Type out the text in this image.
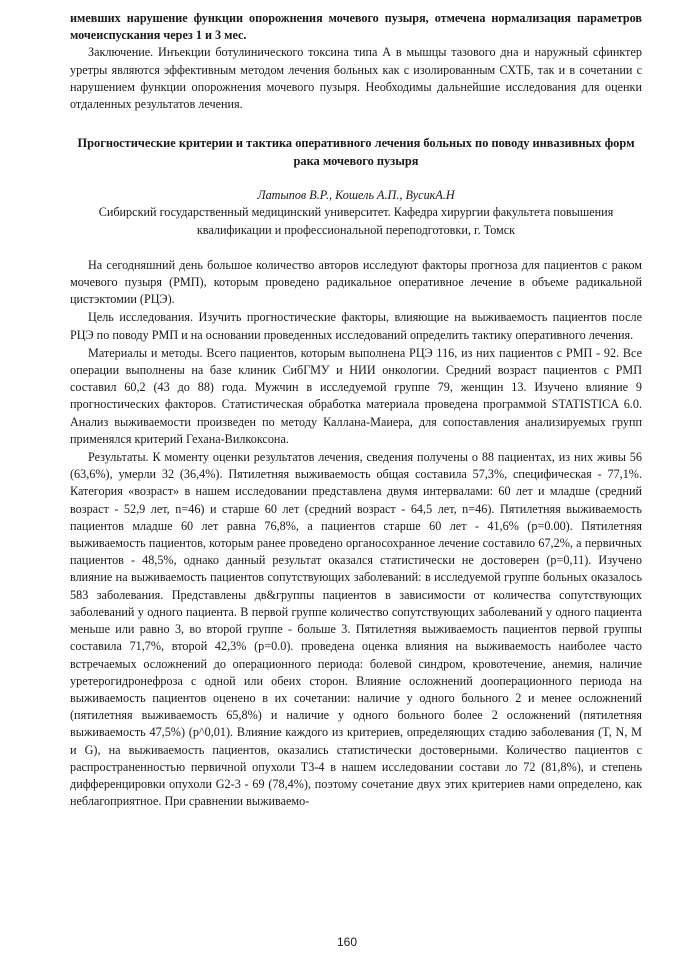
имевших нарушение функции опорожнения мочевого пузыря, отмечена нормализация параметров мочеиспускания через 1 и 3 мес.

Заключение. Инъекции ботулинического токсина типа А в мышцы тазового дна и наружный сфинктер уретры являются эффективным методом лечения больных как с изолированным СХТБ, так и в сочетании с нарушением функции опорожнения мочевого пузыря. Необходимы дальнейшие исследования для оценки отдаленных результатов лечения.

Прогностические критерии и тактика оперативного лечения больных по поводу инвазивных форм рака мочевого пузыря

Латыпов В.Р., Кошель А.П., ВусикА.Н

Сибирский государственный медицинский университет. Кафедра хирургии факультета повышения квалификации и профессиональной переподготовки, г. Томск

На сегодняшний день большое количество авторов исследуют факторы прогноза для пациентов с раком мочевого пузыря (РМП), которым проведено радикальное оперативное лечение в объеме радикальной цистэктомии (РЦЭ).

Цель исследования. Изучить прогностические факторы, влияющие на выживаемость пациентов после РЦЭ по поводу РМП и на основании проведенных исследований определить тактику оперативного лечения.

Материалы и методы. Всего пациентов, которым выполнена РЦЭ 116, из них пациентов с РМП - 92. Все операции выполнены на базе клиник СибГМУ и НИИ онкологии. Средний возраст пациентов с РМП составил 60,2 (43 до 88) года. Мужчин в исследуемой группе 79, женщин 13. Изучено влияние 9 прогностических факторов. Статистическая обработка материала проведена программой STATISTICA 6.0. Анализ выживаемости произведен по методу Каллана-Маиера, для сопоставления анализируемых групп применялся критерий Гехана-Вилкоксона.

Результаты. К моменту оценки результатов лечения, сведения получены о 88 пациентах, из них живы 56 (63,6%), умерли 32 (36,4%). Пятилетняя выживаемость общая составила 57,3%, специфическая - 77,1%. Категория «возраст» в нашем исследовании представлена двумя интервалами: 60 лет и младше (средний возраст - 52,9 лет, n=46) и старше 60 лет (средний возраст - 64,5 лет, n=46). Пятилетняя выживаемость пациентов младше 60 лет равна 76,8%, а пациентов старше 60 лет - 41,6% (p=0.00). Пятилетняя выживаемость пациентов, которым ранее проведено органосохранное лечение составило 67,2%, а первичных пациентов - 48,5%, однако данный результат оказался статистически не достоверен (p=0,11). Изучено влияние на выживаемость пациентов сопутствующих заболеваний: в исследуемой группе больных оказалось 583 заболевания. Представлены дв&группы пациентов в зависимости от количества сопутствующих заболеваний у одного пациента. В первой группе количество сопутствующих заболеваний у одного пациента меньше или равно 3, во второй группе - больше 3. Пятилетняя выживаемость пациентов первой группы составила 71,7%, второй 42,3% (p=0.0). проведена оценка влияния на выживаемость наиболее часто встречаемых осложнений до операционного периода: болевой синдром, кровотечение, анемия, наличие уретерогидронефроза с одной или обеих сторон. Влияние осложнений дооперационного периода на выживаемость пациентов оценено в их сочетании: наличие у одного больного 2 и менее осложнений (пятилетняя выживаемость 65,8%) и наличие у одного больного более 2 осложнений (пятилетняя выживаемость 47,5%) (p^0,01). Влияние каждого из критериев, определяющих стадию заболевания (T, N, M и G), на выживаемость пациентов, оказались статистически достоверными. Количество пациентов с распространенностью первичной опухоли Т3-4 в нашем исследовании состави ло 72 (81,8%), и степень дифференцировки опухоли G2-3 - 69 (78,4%), поэтому сочетание двух этих критериев нами определено, как неблагоприятное. При сравнении выживаемо-

160
